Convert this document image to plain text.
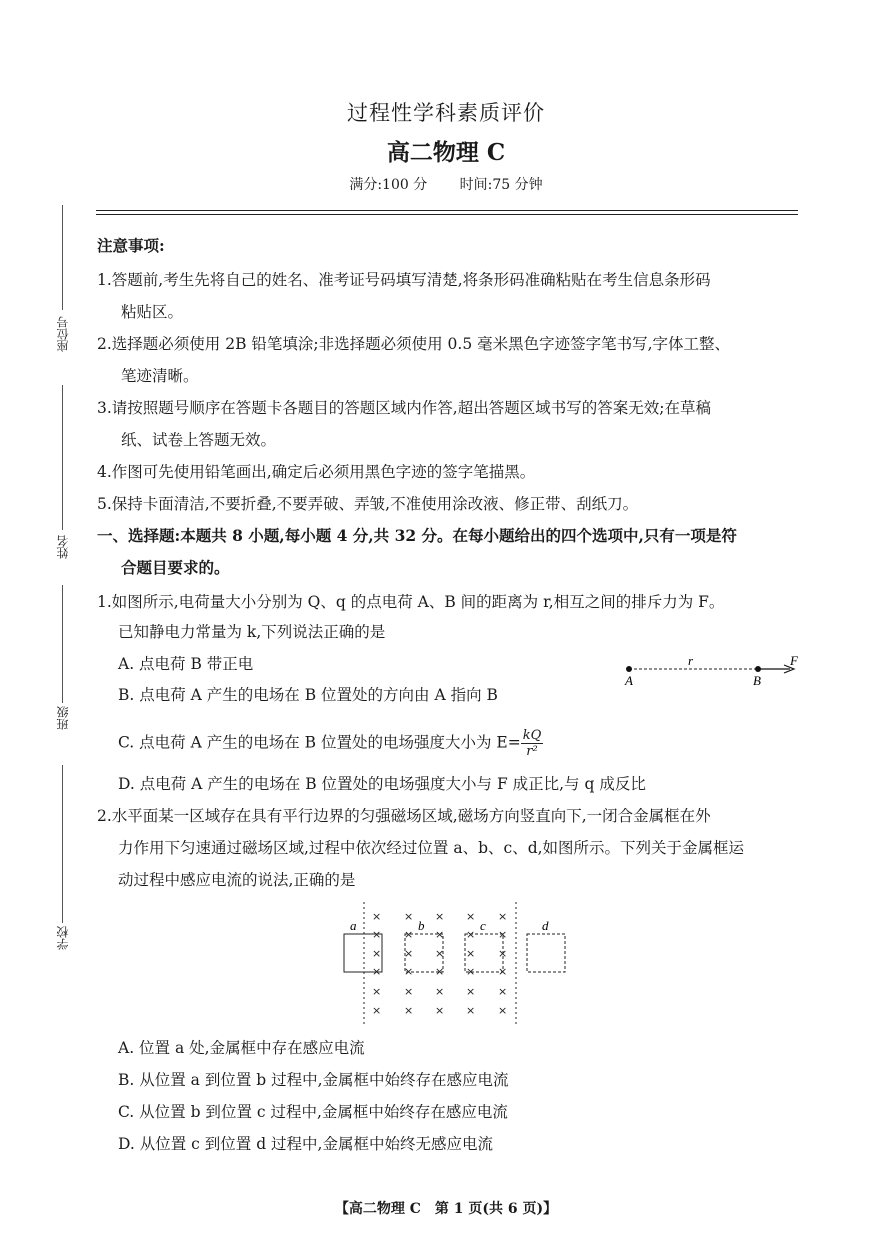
过程性学科素质评价
高二物理 C
满分:100 分 时间:75 分钟
座位号
姓名
班级
学校
注意事项:
1.答题前,考生先将自己的姓名、准考证号码填写清楚,将条形码准确粘贴在考生信息条形码
粘贴区。
2.选择题必须使用 2B 铅笔填涂;非选择题必须使用 0.5 毫米黑色字迹签字笔书写,字体工整、
笔迹清晰。
3.请按照题号顺序在答题卡各题目的答题区域内作答,超出答题区域书写的答案无效;在草稿
纸、试卷上答题无效。
4.作图可先使用铅笔画出,确定后必须用黑色字迹的签字笔描黑。
5.保持卡面清洁,不要折叠,不要弄破、弄皱,不准使用涂改液、修正带、刮纸刀。
一、选择题:本题共 8 小题,每小题 4 分,共 32 分。在每小题给出的四个选项中,只有一项是符
合题目要求的。
1.如图所示,电荷量大小分别为 Q、q 的点电荷 A、B 间的距离为 r,相互之间的排斥力为 F。
已知静电力常量为 k,下列说法正确的是
A. 点电荷 B 带正电
B. 点电荷 A 产生的电场在 B 位置处的方向由 A 指向 B
C. 点电荷 A 产生的电场在 B 位置处的电场强度大小为 $E= \frac{kQ}{\text{r²}}$
D. 点电荷 A 产生的电场在 B 位置处的电场强度大小与 F 成正比,与 q 成反比
A	B
r	F
2.水平面某一区域存在具有平行边界的匀强磁场区域,磁场方向竖直向下,一闭合金属框在外
力作用下匀速通过磁场区域,过程中依次经过位置 a、b、c、d,如图所示。下列关于金属框运
动过程中感应电流的说法,正确的是
× × × × ×
× × × × ×
× × × × ×
× × × × ×
× × × × ×
× × × × ×
a	b	c	d
A. 位置 a 处,金属框中存在感应电流
B. 从位置 a 到位置 b 过程中,金属框中始终存在感应电流
C. 从位置 b 到位置 c 过程中,金属框中始终存在感应电流
D. 从位置 c 到位置 d 过程中,金属框中始终无感应电流
【高二物理 C　第 1 页(共 6 页)】
